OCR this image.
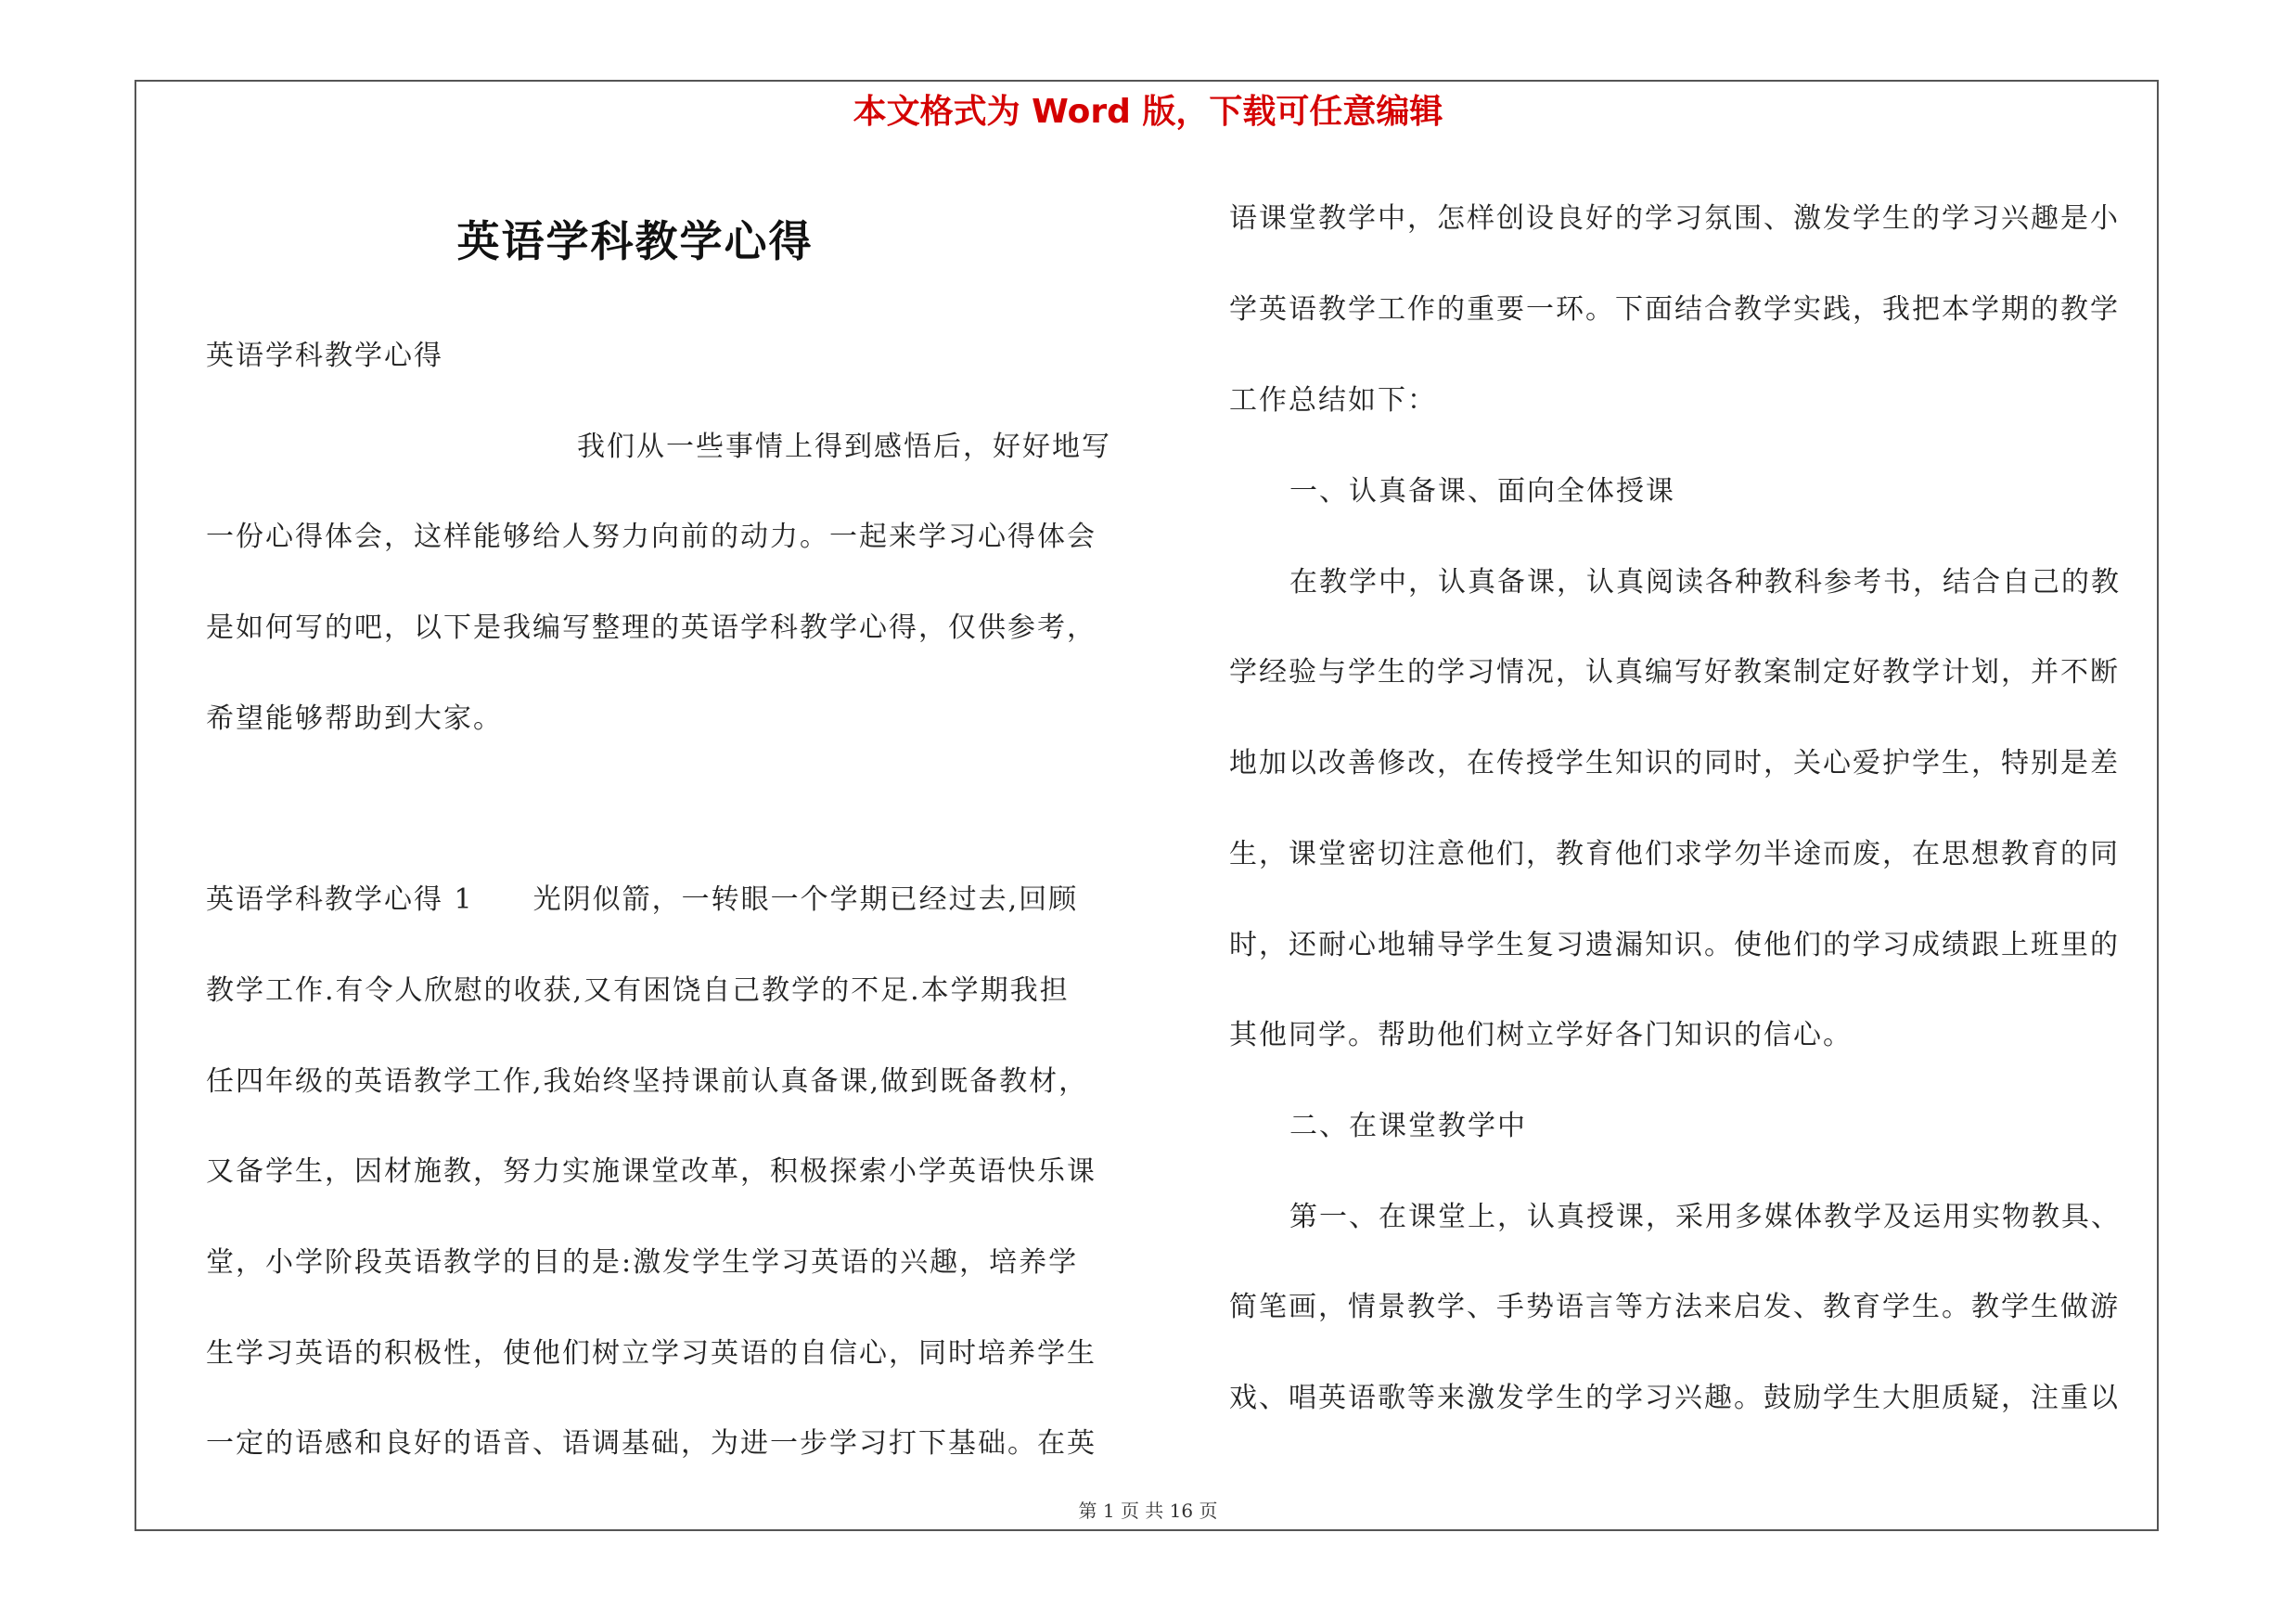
本文格式为 Word 版，下载可任意编辑
英语学科教学心得
英语学科教学心得
我们从一些事情上得到感悟后，好好地写
一份心得体会，这样能够给人努力向前的动力。一起来学习心得体会
是如何写的吧，以下是我编写整理的英语学科教学心得，仅供参考，
希望能够帮助到大家。
英语学科教学心得 1　　光阴似箭，一转眼一个学期已经过去,回顾
教学工作.有令人欣慰的收获,又有困饶自己教学的不足.本学期我担
任四年级的英语教学工作,我始终坚持课前认真备课,做到既备教材，
又备学生，因材施教，努力实施课堂改革，积极探索小学英语快乐课
堂，小学阶段英语教学的目的是:激发学生学习英语的兴趣，培养学
生学习英语的积极性，使他们树立学习英语的自信心，同时培养学生
一定的语感和良好的语音、语调基础，为进一步学习打下基础。在英
语课堂教学中，怎样创设良好的学习氛围、激发学生的学习兴趣是小
学英语教学工作的重要一环。下面结合教学实践，我把本学期的教学
工作总结如下：
一、认真备课、面向全体授课
在教学中，认真备课，认真阅读各种教科参考书，结合自己的教
学经验与学生的学习情况，认真编写好教案制定好教学计划，并不断
地加以改善修改，在传授学生知识的同时，关心爱护学生，特别是差
生，课堂密切注意他们，教育他们求学勿半途而废，在思想教育的同
时，还耐心地辅导学生复习遗漏知识。使他们的学习成绩跟上班里的
其他同学。帮助他们树立学好各门知识的信心。
二、在课堂教学中
第一、在课堂上，认真授课，采用多媒体教学及运用实物教具、
简笔画，情景教学、手势语言等方法来启发、教育学生。教学生做游
戏、唱英语歌等来激发学生的学习兴趣。鼓励学生大胆质疑，注重以
第 1 页 共 16 页
